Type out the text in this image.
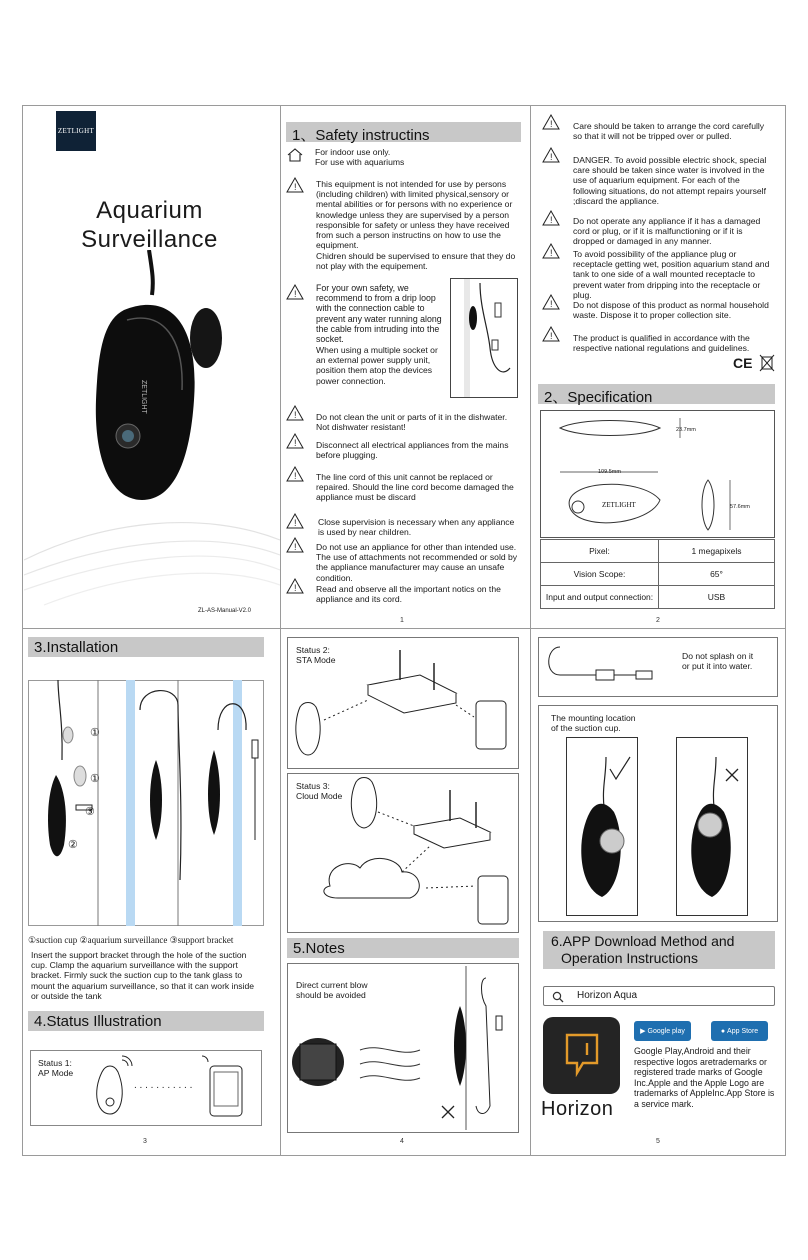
ZETLIGHT
Aquarium
Surveillance
ZETLIGHT
ZL-AS-Manual-V2.0
1、Safety instructins
For indoor use only.
For use with aquariums
! This equipment is not intended for use by persons (including children) with limited physical,sensory or mental abilities or for persons with no experience or knowledge unless they are supervised by a person responsible for safety or unless they have received from such a person instructins on how to use the equipment.
Chidren should be supervised to ensure that they do not play with the equipement.
!
For your own safety, we recommend to from a drip loop with the connection cable to prevent any water running along the cable from intruding into the socket.
When using a multiple socket or an external power supply unit, position them atop the devices power connection.
! Do not clean the unit or parts of it in the dishwater. Not dishwater resistant!
! Disconnect all electrical appliances from the mains before plugging.
! The line cord of this unit cannot be replaced or repaired. Should the line cord become damaged the appliance must be discard
! Close supervision is necessary when any appliance is used by near children.
! Do not use an appliance for other than intended use. The use of attachments not recommended or sold by the appliance manufacturer may cause an unsafe condition.
! Read and observe all the important notics on the appliance and its cord.
1
! Care should be taken to arrange the cord carefully so that it will not be tripped over or pulled.
! DANGER. To avoid possible electric shock, special care should be taken since water is involved in the use of aquarium equipment. For each of the following situations, do not attempt repairs yourself ;discard the appliance.
! Do not operate any appliance if it has a damaged cord or plug, or if it is malfunctioning or if it is dropped or damaged in any manner.
! To avoid possibility of the appliance plug or receptacle getting wet, position aquarium stand and tank to one side of a wall mounted receptacle to prevent water from dripping into the receptacle or plug.
! Do not dispose of this product as normal household waste. Dispose it to proper collection site.
! The product is qualified in accordance with the respective national regulations and guidelines.
CE
2、Specification
ZETLIGHT
23.7mm
109.5mm
57.6mm
Pixel:	1 megapixels
Vision Scope:	65°
Input and output connection:	USB
2
3.Installation
①
①
③
②
①suction cup ②aquarium surveillance ③support bracket
Insert the support bracket through the hole of the suction cup. Clamp the aquarium surveillance with the support bracket. Firmly suck the suction cup to the tank glass to mount the aquarium surveillance, so that it can work inside or outside the tank
4.Status Illustration
Status 1:
AP Mode
. . . . . . . . . . .
3
Status 2:
STA Mode
Status 3:
Cloud Mode
5.Notes
Direct current blow
should be avoided
4
Do not splash on it
or put it into water.
The mounting location
of the suction cup.
6.APP Download Method and
Operation Instructions
Horizon Aqua
Horizon
▶ Google play	● App Store
Google Play,Android and their respective logos aretrademarks or registered trade marks of Google Inc.Apple and the Apple Logo are trademarks of AppleInc.App Store is a service mark.
5
